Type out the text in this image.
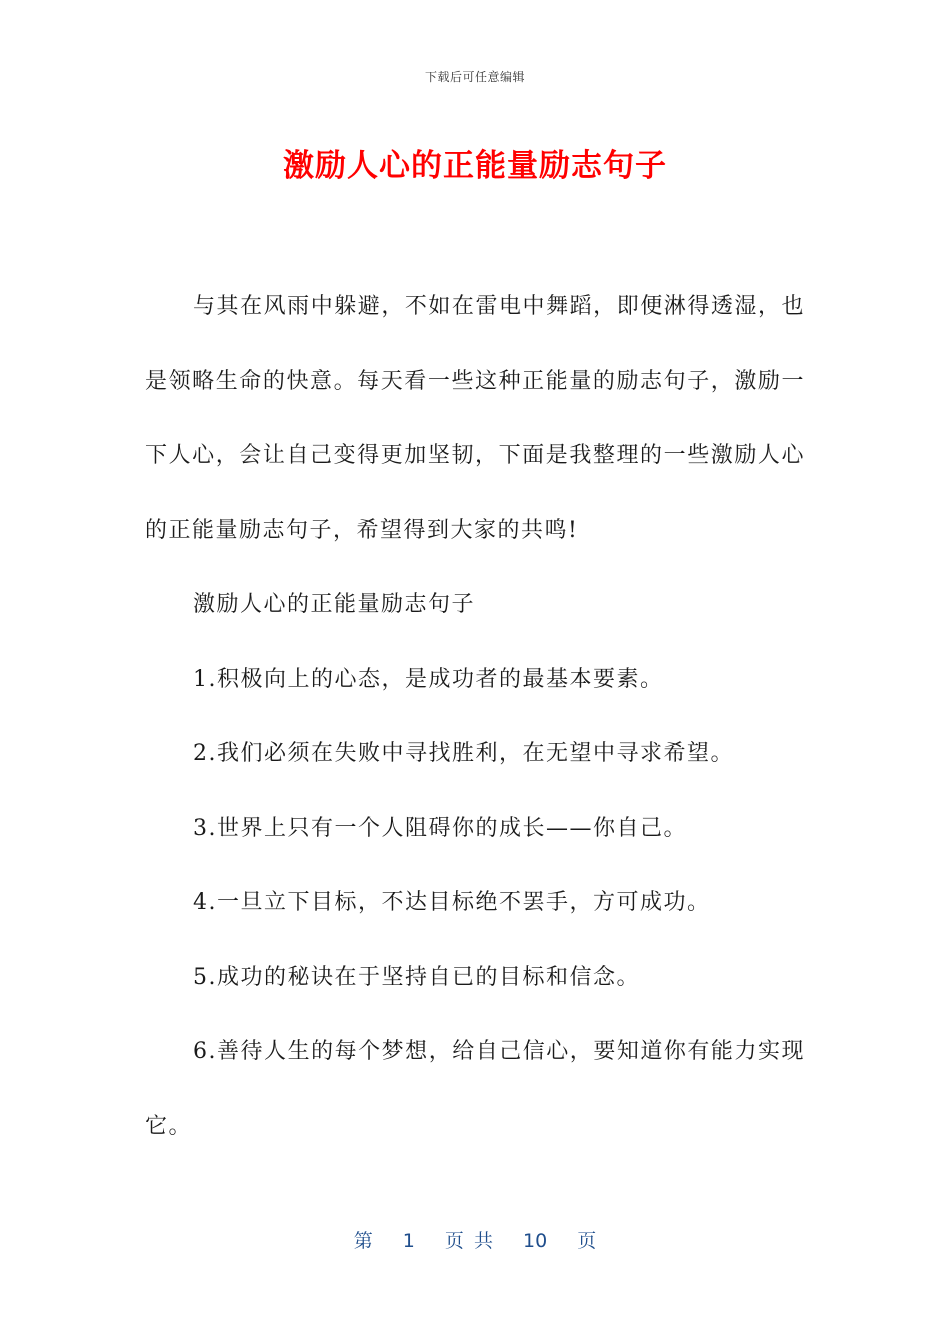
下载后可任意编辑
激励人心的正能量励志句子

与其在风雨中躲避，不如在雷电中舞蹈，即便淋得透湿，也是领略生命的快意。每天看一些这种正能量的励志句子，激励一下人心，会让自己变得更加坚韧，下面是我整理的一些激励人心的正能量励志句子，希望得到大家的共鸣!

激励人心的正能量励志句子

1.积极向上的心态，是成功者的最基本要素。

2.我们必须在失败中寻找胜利，在无望中寻求希望。

3.世界上只有一个人阻碍你的成长——你自己。

4.一旦立下目标，不达目标绝不罢手，方可成功。

5.成功的秘诀在于坚持自已的目标和信念。

6.善待人生的每个梦想，给自己信心，要知道你有能力实现它。

第 1 页 共 10 页
